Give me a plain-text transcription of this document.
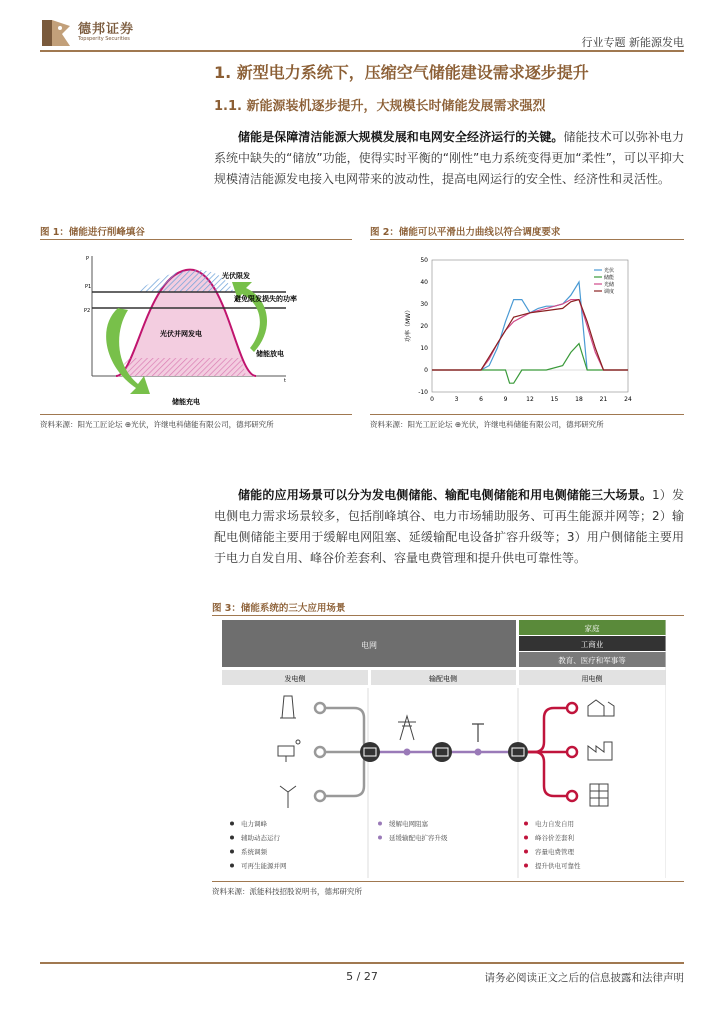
德邦证券
Topsperity Securities	行业专题 新能源发电
1. 新型电力系统下，压缩空气储能建设需求逐步提升
1.1. 新能源装机逐步提升，大规模长时储能发展需求强烈
储能是保障清洁能源大规模发展和电网安全经济运行的关键。储能技术可以弥补电力系统中缺失的“储放”功能，使得实时平衡的“刚性”电力系统变得更加“柔性”，可以平抑大规模清洁能源发电接入电网带来的波动性，提高电网运行的安全性、经济性和灵活性。
图 1：储能进行削峰填谷
P
P1
P2
t
光伏限发
避免限发损失的功率
光伏并网发电
储能放电
储能充电
资料来源：阳光工匠论坛 ⊕光伏，许继电科储能有限公司，德邦研究所
图 2：储能可以平滑出力曲线以符合调度要求
0	3	6	9	12	15	18	21	24
-10
0
10
20
30
40
50
功率（MW）
光伏
储能
光储
调度
资料来源：阳光工匠论坛 ⊕光伏，许继电科储能有限公司，德邦研究所
储能的应用场景可以分为发电侧储能、输配电侧储能和用电侧储能三大场景。1）发电侧电力需求场景较多，包括削峰填谷、电力市场辅助服务、可再生能源并网等；2）输配电侧储能主要用于缓解电网阻塞、延缓输配电设备扩容升级等；3）用户侧储能主要用于电力自发自用、峰谷价差套利、容量电费管理和提升供电可靠性等。
图 3：储能系统的三大应用场景
电网
家庭
工商业
教育、医疗和军事等
发电侧	输配电侧	用电侧
电力调峰
辅助动态运行
系统调频
可再生能源并网
缓解电网阻塞
延缓输配电扩容升级
电力自发自用
峰谷价差套利
容量电费管理
提升供电可靠性
资料来源：派能科技招股说明书，德邦研究所
5 / 27	请务必阅读正文之后的信息披露和法律声明
